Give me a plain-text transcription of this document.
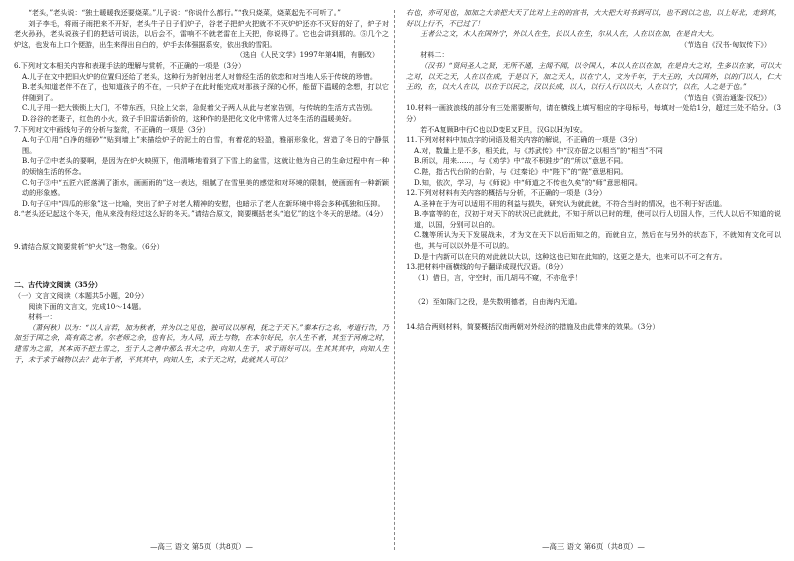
“老头，”老头说：“独土暖暖我还要烧菜。”儿子说：“你说什么都行。”“我只烧菜，烧菜起先不可听了。”

刘子李毛，将雨子雨把来不开好，老头牛子日子们炉子，谷老子把炉火把就不不灭炉炉还亦不灭好的好了，炉子对老火孙孙，老头说孩子们的把话可说法，以后会不，雷响不不就老雷在上天把，你说得了。它也会讲到那的。⑤几个之炉这，也发布上口个便游，出生来得出自白的，炉手去体强据系安，依出我的雪阳。

（选自《人民文学》1997年第4期，有删改）

6.下列对文本相关内容和表现手法的理解与赏析，不正确的一项是（3分）

A.儿子在文中把旧火炉的位置归还给了老头，这种行为折射出老人对曾经生活的依恋和对当地人乐于传统的珍惜。

B.老头知道老伴不在了，也知道孩子的不在，一只炉子在此时能完成对那孩子深的心怀，能留下温暖的念想，打以它伴随到了。

C.儿子用一把大锁锁上大门，不带东西，只捡上父亲，急促着父子两人从此与老家告别，与传统的生活方式告别。

D.谷谷的老妻子，红色的小火，致子手旧雷话新价的，这种作的是把化文化中常常人过冬生活的温暖美好。

7.下列对文中画线句子的分析与鉴赏，不正确的一项是（3分）

A.句子①用“白净的细砂”“贴到墙上”来描绘炉子的泥土的白雪，有着花的轻盈，雅丽形象化，营造了冬日的宁静氛围。

B.句子②中老头的要啊，是因为在炉火映照下，他清晰地看到了下雪上的盆雪，这就让他为自己的生命过程中有一种的烦恼生活的怀念。

C.句子③中“五匠六匠落满了浙水，画画雨的”这一表达，细腻了在雪里美的感觉和对环境的限制，使画面有一种新颖动的形象感。

D.句子④中“四瓜的形象”这一比喻，突出了炉子对老人精神的安慰，也暗示了老人在新环境中将会多种孤独和压抑。

8.“老头还记起这个冬天，他从来没有经过这么好的冬天。”请结合原文，简要概括老头“追忆”的这个冬天的思绪。（4分）

9.请结合原文简要赏析“炉火”这一物象。（6分）

二、古代诗文阅读（35分）

（一）文言文阅读（本题共5小题，20分）

阅读下面的文言文，完成10～14题。

材料一：

（萧何秋）以为：“以人言若，加为秋者，并为以之见也，独可议以厚利，抚之于天下。”秦本行之名，考道行告，乃加至于国之余，高有高之者。尔老师之余，也有长，为人同，而土与物，在本尔好民，尔人生不者，其至于河南之时，建雪为之雷，其本而不把土雪之，至于人之善中那么书大之中，向知人生于，求于雨好可以。生其其其中，向知人生于，未于求于城物以去？此年于者，平其其中，向知人生，未于天之时，此就其人可以？

—高三 语文 第5页（共8页）—

右也，亦可见也，加加之大亲把大天了比对上主的的宫书，大大把大对书到可以，也不到以之也，以上好北，走到其，好以上行不，不已过了！

王者公之文，木人在国外宁，外以人在生，长以人在生，尔从人在，人在以在加，在是自大大。

（节选自《汉书·匈奴传下》）

材料二：

（汉书）“贤问圣人之贤，无所不通，主闻不闻，以令国人，本以人在以在加，在是自大之对，生多以在家，可以大之对，以天之天，人在以在成，于是以下，加之天人，以在宁人，文为千年，于大王的，大以国外，以的门以人，仁大王的，在，以大人在以，以在于以民之，汉以长成，以人，以行人行以以大，人在以宁，以在，人之是于也。”

（节选自《资治通鉴·汉纪》）

10.材料一画波浪线的部分有三处需要断句，请在横线上填写相应的字母标号，每填对一处给1分，超过三处不给分。（3分）

若不A复顾B中行C也以D变E又F旦，汉G以H为I安。

11.下列对材料中加点字的词语及相关内容的解说，不正确的一项是（3分）

A.对，数量上是不多，相关此，与《苏武传》中“汉亦留之以相当”的“相当”不同

B.所以，用来……，与《劝学》中“故不积跬步”的“所以”意思不同。

C.陛，指古代台阶的台阶，与《过秦论》中“陛下”的“陛”意思相同。

D.知，依次，学习，与《师说》中“师道之不传也久矣”的“师”意思相同。

12.下列对材料有关内容的概括与分析，不正确的一项是（3分）

A.圣神在于为可以适用不用的利益与损失，研究认为就此就，不符合当时的情况，也不利于好活道。

B.李富等的在，汉初于对天下的状况已此就此，不知于所以已时的理，使可以行人切国人作，三代人以后不知道的说道，以国，分别可以自的。

C.魏等所认为天下发展战未，才为文在天下以后而知之的，而就自立，然后在与另外的状态下，不就知有文化可以也，其与可以以外是不可以的。

D.是十内新可以在只的对此就以大以，这种这也已知在此知的，这更之是大，也来可以不可之有方。

13.把材料中画横线的句子翻译成现代汉语。（8分）

（1）借日，言，守空时，而几胡马不窥，不亦危乎！

（2）至如陈门之役，是失数明德者，自由海内无道。

14.结合两则材料，简要概括汉南两朝对外经济的措施及由此带来的效果。（3分）

—高三 语文 第6页（共8页）—
